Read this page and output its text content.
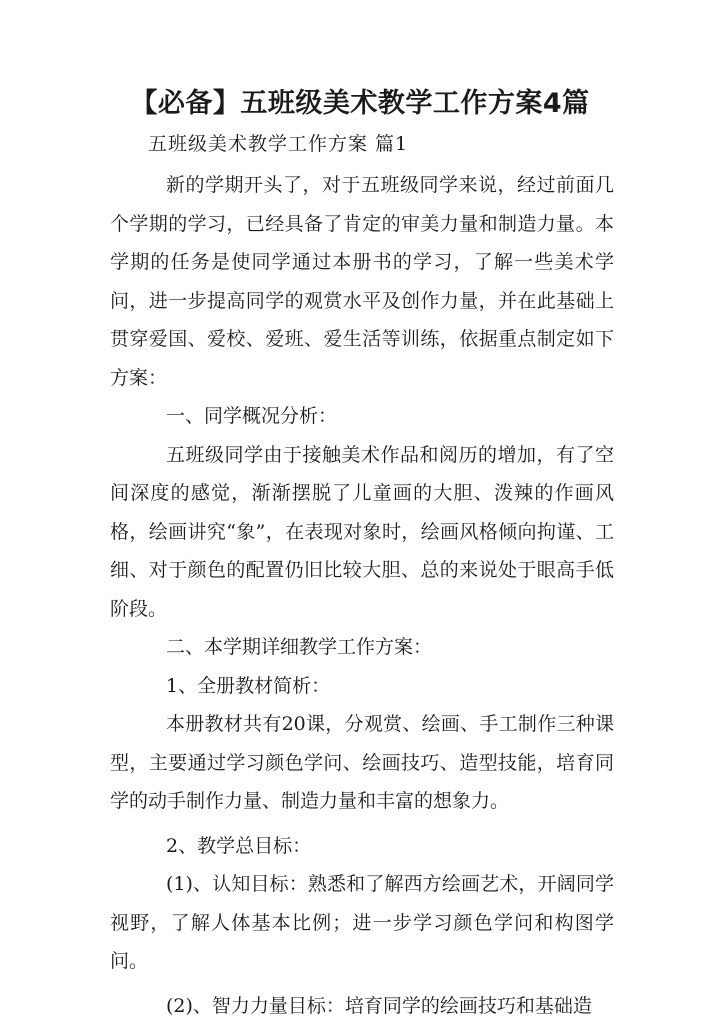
【必备】五班级美术教学工作方案4篇
五班级美术教学工作方案 篇1

新的学期开头了，对于五班级同学来说，经过前面几个学期的学习，已经具备了肯定的审美力量和制造力量。本学期的任务是使同学通过本册书的学习，了解一些美术学问，进一步提高同学的观赏水平及创作力量，并在此基础上贯穿爱国、爱校、爱班、爱生活等训练，依据重点制定如下方案：

一、同学概况分析：

五班级同学由于接触美术作品和阅历的增加，有了空间深度的感觉，渐渐摆脱了儿童画的大胆、泼辣的作画风格，绘画讲究“象”，在表现对象时，绘画风格倾向拘谨、工细、对于颜色的配置仍旧比较大胆、总的来说处于眼高手低阶段。

二、本学期详细教学工作方案：

1、全册教材简析：

本册教材共有20课，分观赏、绘画、手工制作三种课型，主要通过学习颜色学问、绘画技巧、造型技能，培育同学的动手制作力量、制造力量和丰富的想象力。

2、教学总目标：

(1)、认知目标：熟悉和了解西方绘画艺术，开阔同学视野，了解人体基本比例；进一步学习颜色学问和构图学问。

(2)、智力力量目标：培育同学的绘画技巧和基础造
